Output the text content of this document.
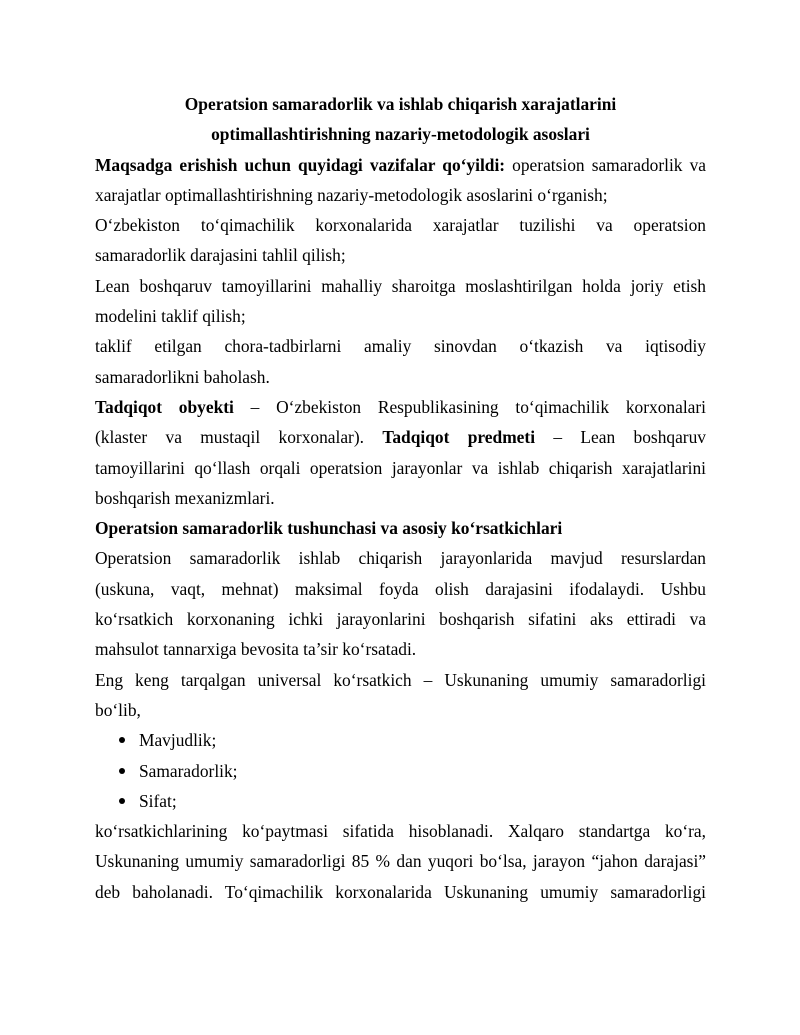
Operatsion samaradorlik va ishlab chiqarish xarajatlarini
optimallashtirishning nazariy-metodologik asoslari
Maqsadga erishish uchun quyidagi vazifalar qo‘yildi: operatsion samaradorlik va
xarajatlar optimallashtirishning nazariy-metodologik asoslarini o‘rganish;
O‘zbekiston to‘qimachilik korxonalarida xarajatlar tuzilishi va operatsion
samaradorlik darajasini tahlil qilish;
Lean boshqaruv tamoyillarini mahalliy sharoitga moslashtirilgan holda joriy etish
modelini taklif qilish;
taklif etilgan chora-tadbirlarni amaliy sinovdan o‘tkazish va iqtisodiy
samaradorlikni baholash.
Tadqiqot obyekti – O‘zbekiston Respublikasining to‘qimachilik korxonalari
(klaster va mustaqil korxonalar). Tadqiqot predmeti – Lean boshqaruv
tamoyillarini qo‘llash orqali operatsion jarayonlar va ishlab chiqarish xarajatlarini
boshqarish mexanizmlari.
Operatsion samaradorlik tushunchasi va asosiy ko‘rsatkichlari
Operatsion samaradorlik ishlab chiqarish jarayonlarida mavjud resurslardan
(uskuna, vaqt, mehnat) maksimal foyda olish darajasini ifodalaydi. Ushbu
ko‘rsatkich korxonaning ichki jarayonlarini boshqarish sifatini aks ettiradi va
mahsulot tannarxiga bevosita ta’sir ko‘rsatadi.
Eng keng tarqalgan universal ko‘rsatkich – Uskunaning umumiy samaradorligi
bo‘lib,
Mavjudlik;
Samaradorlik;
Sifat;
ko‘rsatkichlarining ko‘paytmasi sifatida hisoblanadi. Xalqaro standartga ko‘ra,
Uskunaning umumiy samaradorligi 85 % dan yuqori bo‘lsa, jarayon “jahon darajasi”
deb baholanadi. To‘qimachilik korxonalarida Uskunaning umumiy samaradorligi
